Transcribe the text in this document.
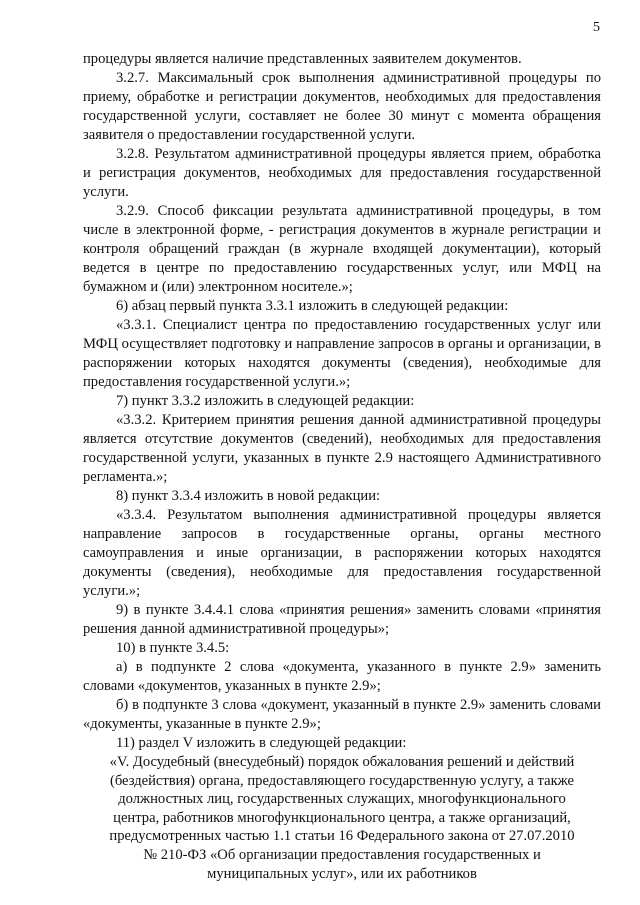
5

процедуры является наличие представленных заявителем документов.

3.2.7. Максимальный срок выполнения административной процедуры по приему, обработке и регистрации документов, необходимых для предоставления государственной услуги, составляет не более 30 минут с момента обращения заявителя о предоставлении государственной услуги.

3.2.8. Результатом административной процедуры является прием, обработка и регистрация документов, необходимых для предоставления государственной услуги.

3.2.9. Способ фиксации результата административной процедуры, в том числе в электронной форме, - регистрация документов в журнале регистрации и контроля обращений граждан (в журнале входящей документации), который ведется в центре по предоставлению государственных услуг, или МФЦ на бумажном и (или) электронном носителе.»;

6) абзац первый пункта 3.3.1 изложить в следующей редакции:

«3.3.1. Специалист центра по предоставлению государственных услуг или МФЦ осуществляет подготовку и направление запросов в органы и организации, в распоряжении которых находятся документы (сведения), необходимые для предоставления государственной услуги.»;

7) пункт 3.3.2 изложить в следующей редакции:

«3.3.2. Критерием принятия решения данной административной процедуры является отсутствие документов (сведений), необходимых для предоставления государственной услуги, указанных в пункте 2.9 настоящего Административного регламента.»;

8) пункт 3.3.4 изложить в новой редакции:

«3.3.4. Результатом выполнения административной процедуры является направление запросов в государственные органы, органы местного самоуправления и иные организации, в распоряжении которых находятся документы (сведения), необходимые для предоставления государственной услуги.»;

9) в пункте 3.4.4.1 слова «принятия решения» заменить словами «принятия решения данной административной процедуры»;

10) в пункте 3.4.5:

а) в подпункте 2 слова «документа, указанного в пункте 2.9» заменить словами «документов, указанных в пункте 2.9»;

б) в подпункте 3 слова «документ, указанный в пункте 2.9» заменить словами «документы, указанные в пункте 2.9»;

11) раздел V изложить в следующей редакции:

«V. Досудебный (внесудебный) порядок обжалования решений и действий (бездействия) органа, предоставляющего государственную услугу, а также должностных лиц, государственных служащих, многофункционального центра, работников многофункционального центра, а также организаций, предусмотренных частью 1.1 статьи 16 Федерального закона от 27.07.2010 № 210-ФЗ «Об организации предоставления государственных и муниципальных услуг», или их работников
